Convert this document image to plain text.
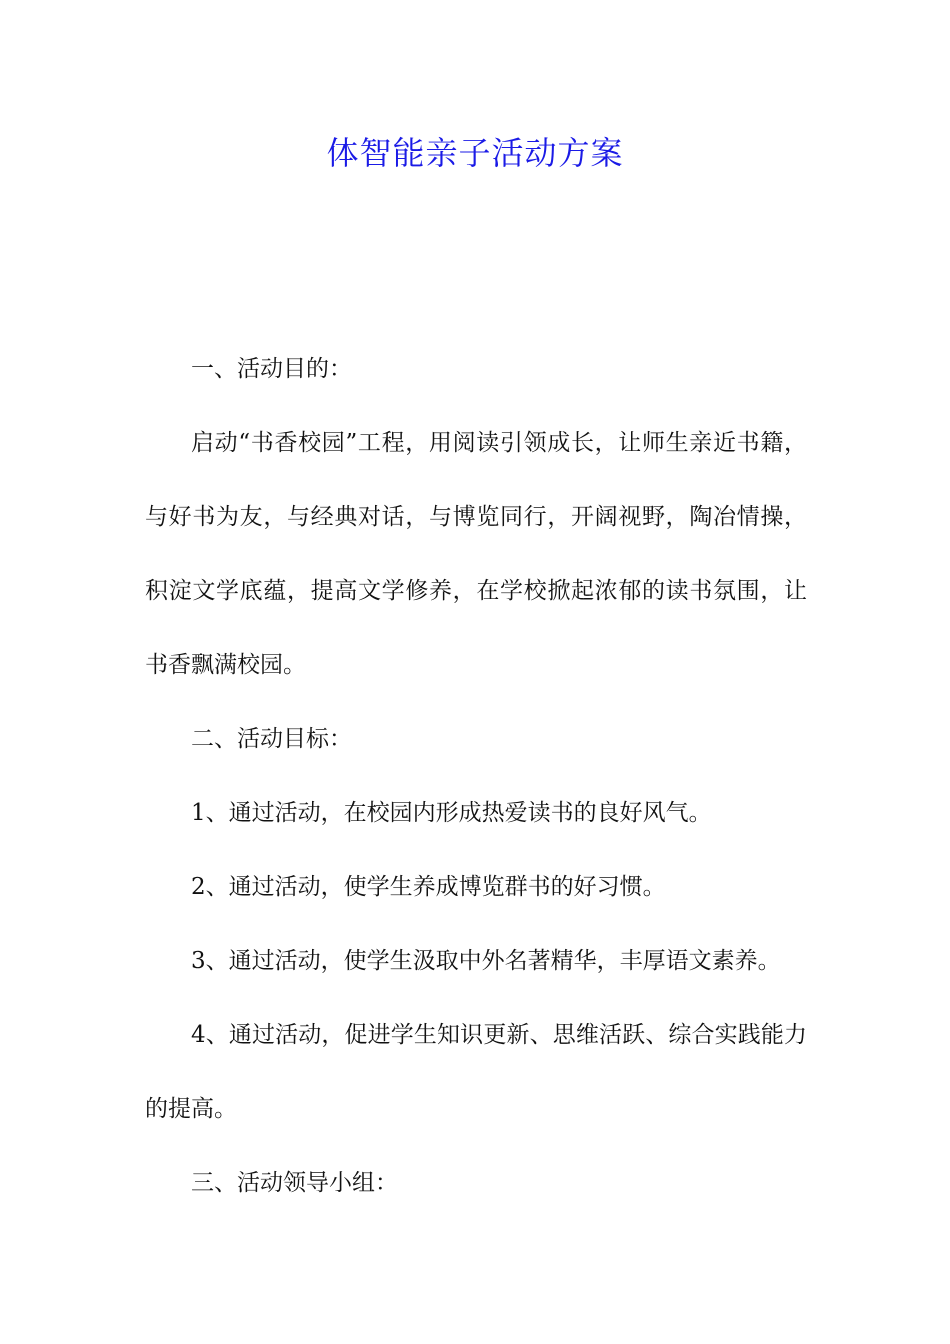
体智能亲子活动方案

一、活动目的：

启动“书香校园”工程，用阅读引领成长，让师生亲近书籍，与好书为友，与经典对话，与博览同行，开阔视野，陶冶情操，积淀文学底蕴，提高文学修养，在学校掀起浓郁的读书氛围，让书香飘满校园。

二、活动目标：

1、通过活动，在校园内形成热爱读书的良好风气。

2、通过活动，使学生养成博览群书的好习惯。

3、通过活动，使学生汲取中外名著精华，丰厚语文素养。

4、通过活动，促进学生知识更新、思维活跃、综合实践能力的提高。

三、活动领导小组：
